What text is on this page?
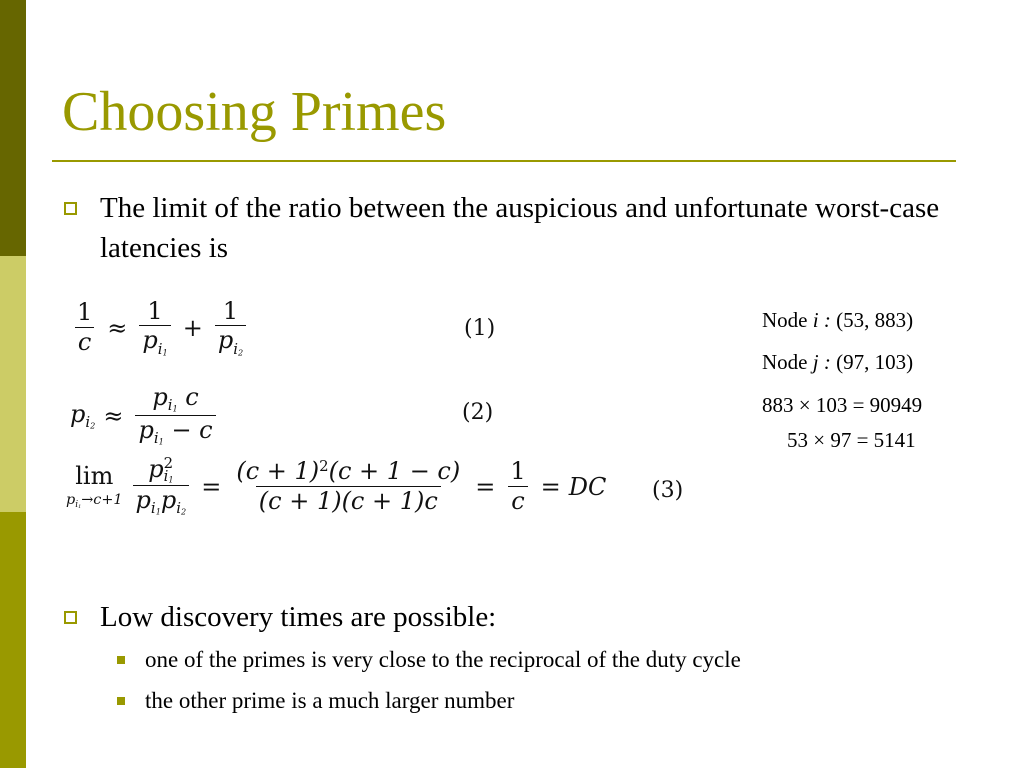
Choosing Primes
The limit of the ratio between the auspicious and unfortunate worst-case latencies is
$\frac{1}{c} \approx \frac{1}{p_{i1}} + \frac{1}{p_{i2}}$	(1)
$p_{i2} \approx \frac{p_{i1} c}{p_{i1} - c}$	(2)
lim
$p_{i1}\to c+1$ p 2
i1
$p_{i1}p_{i2} = \frac{(c + 1)^2(c + 1 - c)}{(c + 1)(c + 1)c} = \frac{1}{c}$ = DC (3)
Node i : (53, 883)
Node j : (97, 103)
883 × 103 = 90949
53 × 97 = 5141
Low discovery times are possible:
one of the primes is very close to the reciprocal of the duty cycle
the other prime is a much larger number
